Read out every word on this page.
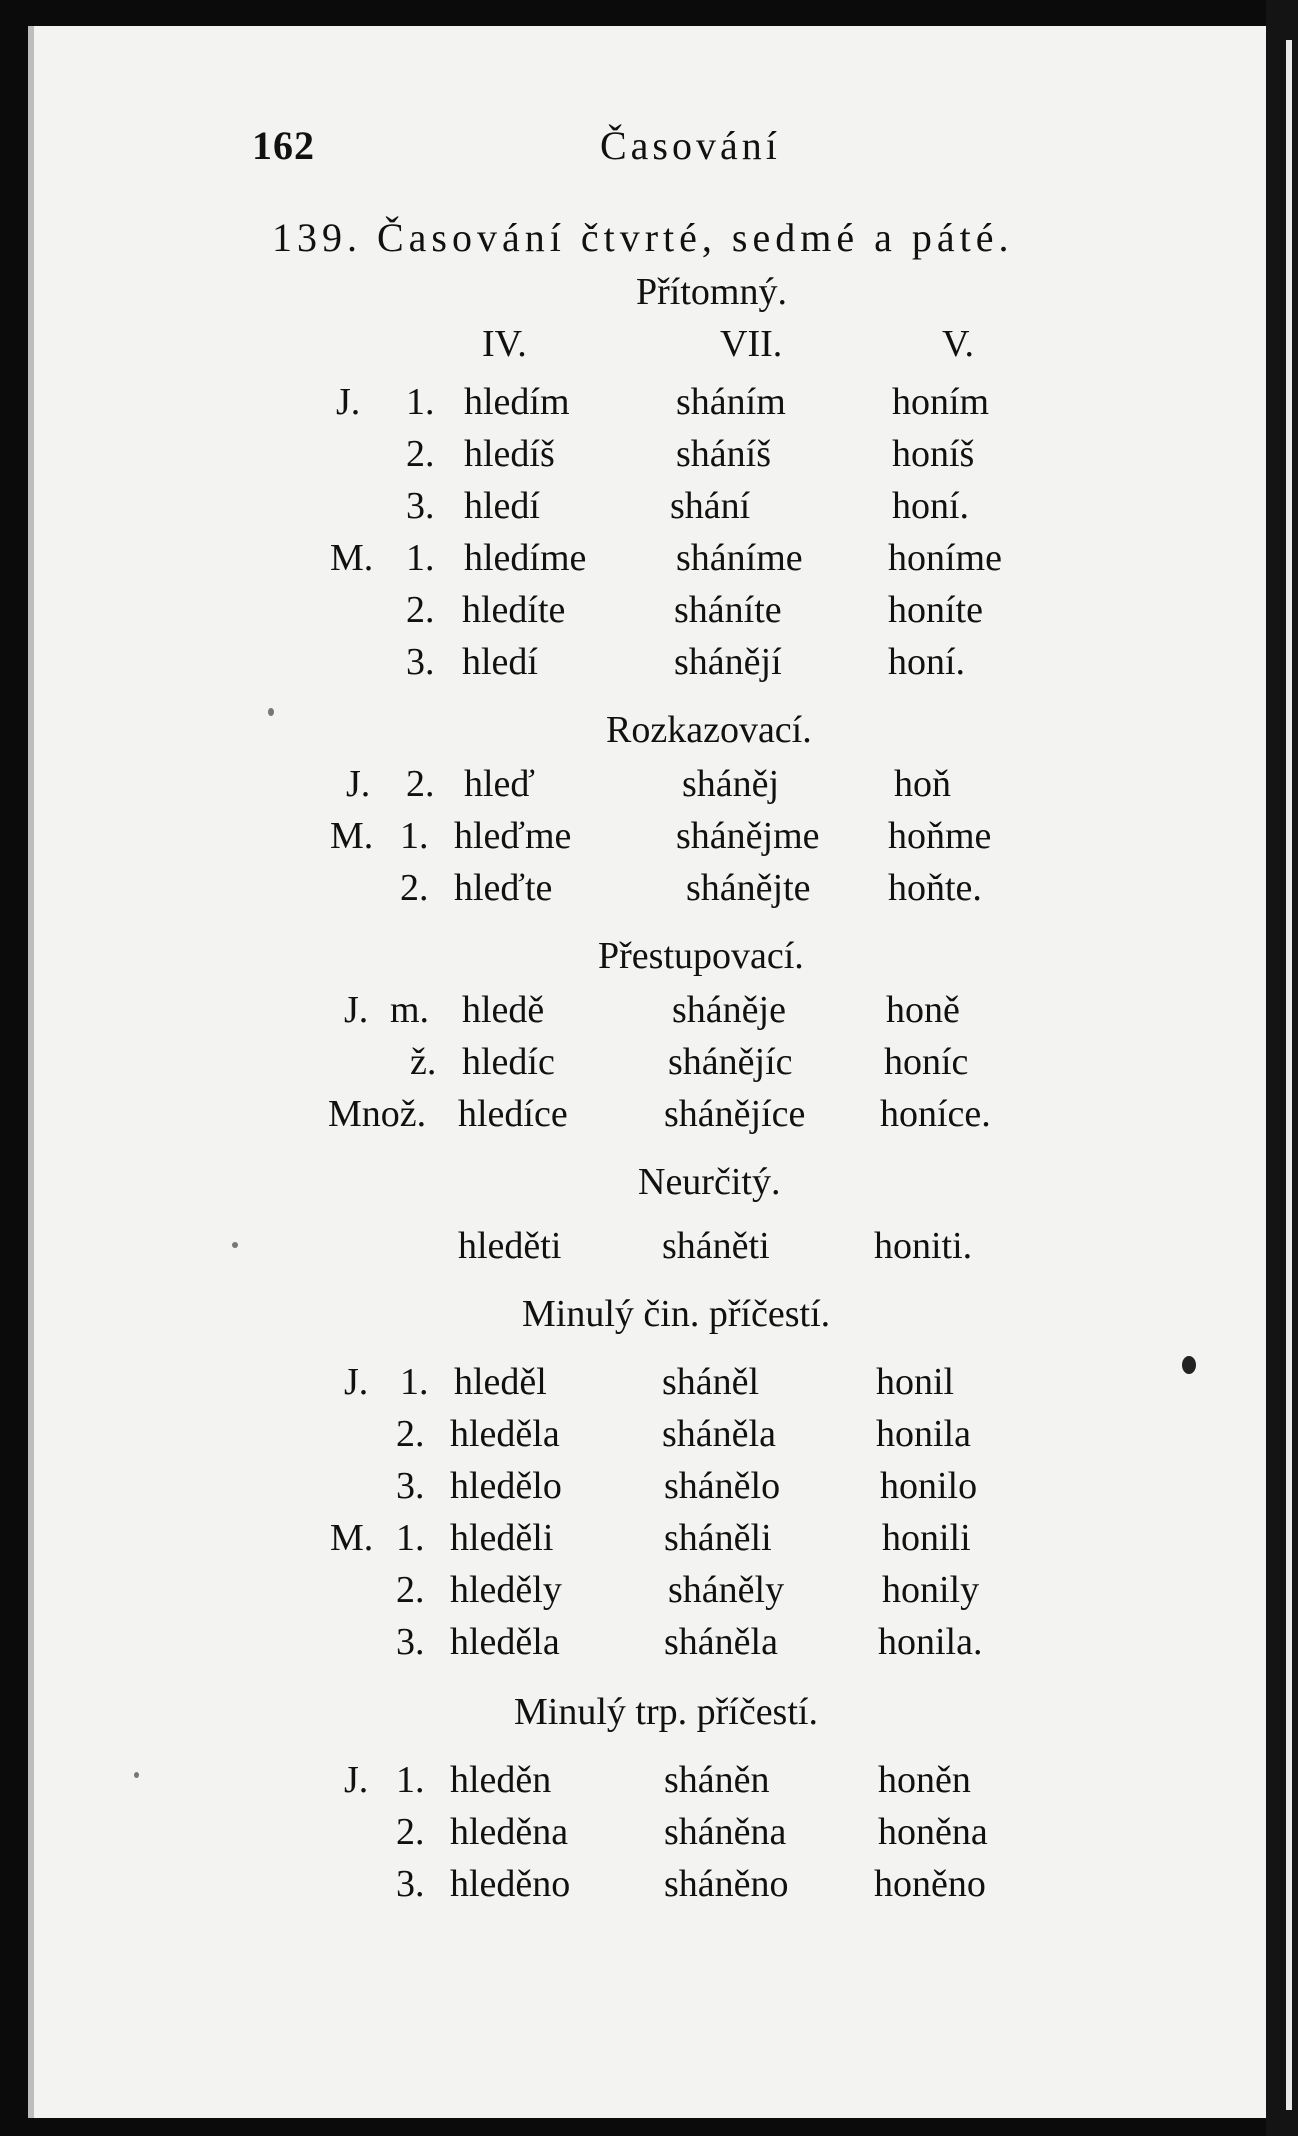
162	Časování
139. Časování čtvrté, sedmé a páté.
Přítomný.
IV.	VII.	V.
J. 1. hledím	sháním	honím
2. hledíš	sháníš	honíš
3. hledí	shání	honí.
M. 1. hledíme sháníme honíme
2. hledíte	sháníte	honíte
3. hledí	shánějí	honí.
Rozkazovací.
J. 2. hleď	sháněj	hoň
M. 1. hleďme	shánějme hoňme
2. hleďte	shánějte hoňte.
Přestupovací.
J. m. hledě	sháněje	honě
ž. hledíc	shánějíc honíc
Množ. hledíce	shánějíce honíce.
Neurčitý.
hleděti	sháněti	honiti.
Minulý čin. příčestí.
J. 1. hleděl	sháněl	honil
2. hleděla	sháněla	honila
3. hledělo	shánělo	honilo
M. 1. hleděli	sháněli	honili
2. hleděly	sháněly	honily
3. hleděla	sháněla	honila.
Minulý trp. příčestí.
J. 1. hleděn	sháněn	honěn
2. hleděna	sháněna honěna
3. hleděno sháněno honěno
